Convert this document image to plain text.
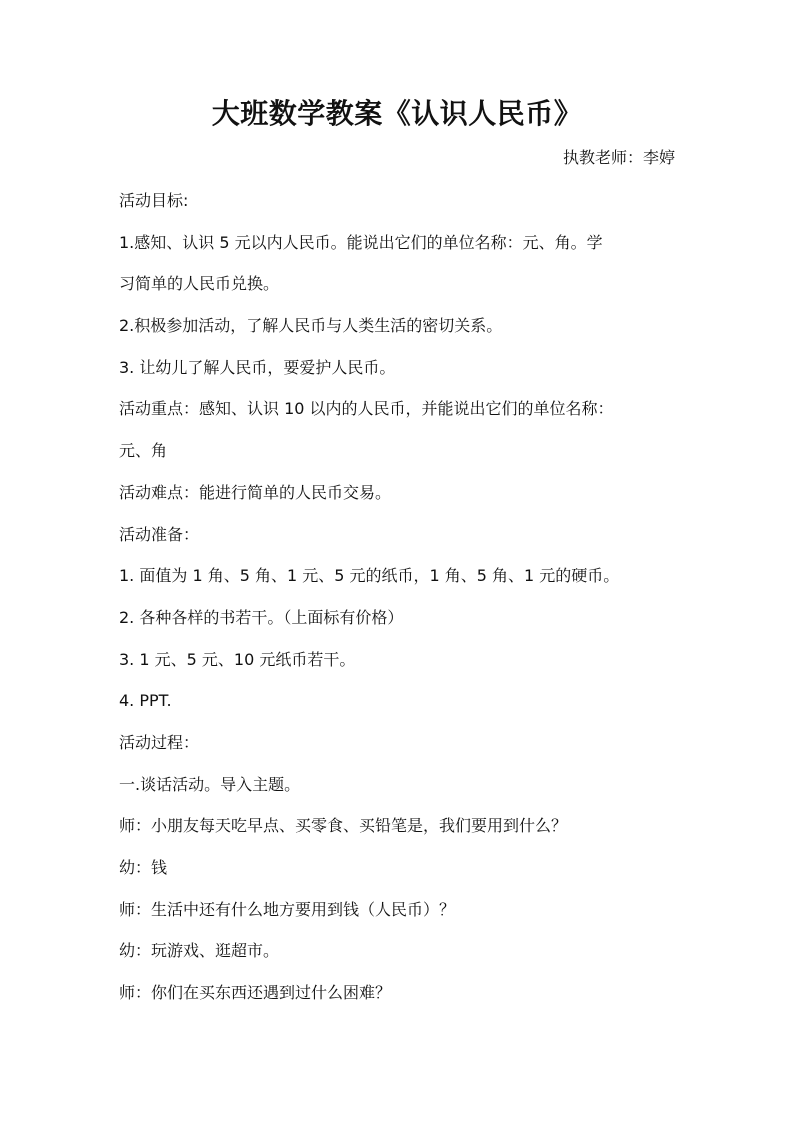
大班数学教案《认识人民币》
执教老师：李婷
活动目标:
1.感知、认识 5 元以内人民币。能说出它们的单位名称：元、角。学
习简单的人民币兑换。
2.积极参加活动，了解人民币与人类生活的密切关系。
3. 让幼儿了解人民币，要爱护人民币。
活动重点：感知、认识 10 以内的人民币，并能说出它们的单位名称：
元、角
活动难点：能进行简单的人民币交易。
活动准备：
1. 面值为 1 角、5 角、1 元、5 元的纸币，1 角、5 角、1 元的硬币。
2. 各种各样的书若干。（上面标有价格）
3. 1 元、5 元、10 元纸币若干。
4. PPT.
活动过程：
一.谈话活动。导入主题。
师：小朋友每天吃早点、买零食、买铅笔是，我们要用到什么？
幼：钱
师：生活中还有什么地方要用到钱（人民币）？
幼：玩游戏、逛超市。
师：你们在买东西还遇到过什么困难？
